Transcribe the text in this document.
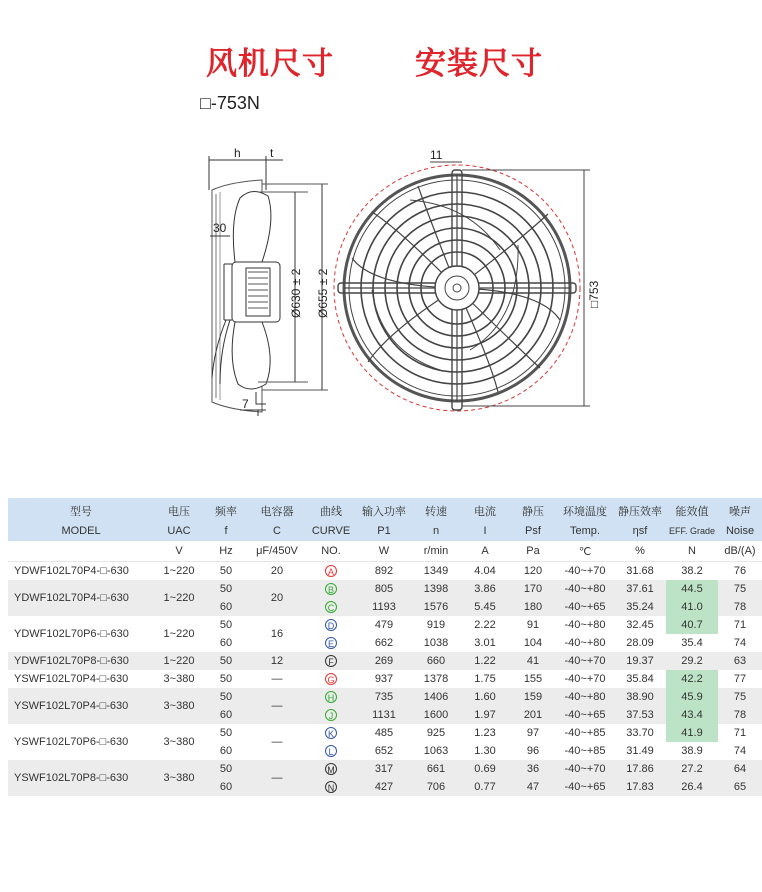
风机尺寸	安装尺寸
□-753N
h t
30
7
Ø630 ± 2 Ø655 ± 2
11
□753
型号	电压	频率	电容器	曲线	输入功率	转速	电流	静压	环境温度	静压效率	能效值	噪声
MODEL	UAC	f	C	CURVE	P1	n	I	Psf	Temp.	ηsf	EFF. Grade	Noise
	V	Hz	μF/450V	NO.	W	r/min	A	Pa	℃	%	N	dB/(A)
YDWF102L70P4-□-630	1~220	50	20	A	892	1349	4.04	120	-40~+70	31.68	38.2	76
YDWF102L70P4-□-630	1~220	50	20	B	805	1398	3.86	170	-40~+80	37.61	44.5	75
		60		C	1193	1576	5.45	180	-40~+65	35.24	41.0	78
YDWF102L70P6-□-630	1~220	50	16	D	479	919	2.22	91	-40~+80	32.45	40.7	71
		60		E	662	1038	3.01	104	-40~+80	28.09	35.4	74
YDWF102L70P8-□-630	1~220	50	12	F	269	660	1.22	41	-40~+70	19.37	29.2	63
YSWF102L70P4-□-630	3~380	50	—	G	937	1378	1.75	155	-40~+70	35.84	42.2	77
YSWF102L70P4-□-630	3~380	50	—	H	735	1406	1.60	159	-40~+80	38.90	45.9	75
		60		J	1131	1600	1.97	201	-40~+65	37.53	43.4	78
YSWF102L70P6-□-630	3~380	50	—	K	485	925	1.23	97	-40~+85	33.70	41.9	71
		60		L	652	1063	1.30	96	-40~+85	31.49	38.9	74
YSWF102L70P8-□-630	3~380	50	—	M	317	661	0.69	36	-40~+70	17.86	27.2	64
		60		N	427	706	0.77	47	-40~+65	17.83	26.4	65
